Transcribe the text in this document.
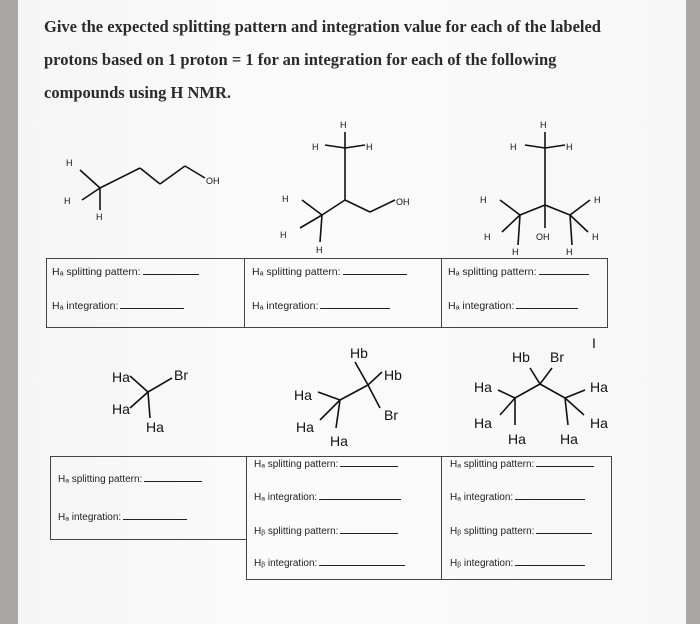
Give the expected splitting pattern and integration value for each of the labeled
protons based on 1 proton = 1 for an integration for each of the following
compounds using H NMR.
H
H
H
OH
H
H	H
H
H
H
OH
H
H	H
H
H
H
H
H
H
OH
Ha	Br
Ha
Ha
Hb
Hb
Ha
Br
Ha
Ha
Hb Br
Ha	Ha
Ha	Ha
Ha Ha
I
Hₐ splitting pattern:
Hₐ integration:
Hₐ splitting pattern:
Hₐ integration:
Hₐ splitting pattern:
Hₐ integration:
Hₐ splitting pattern:
Hₐ integration:
Hₐ splitting pattern:
Hₐ integration:
Hᵦ splitting pattern:
Hᵦ integration:
Hₐ splitting pattern:
Hₐ integration:
Hᵦ splitting pattern:
Hᵦ integration:
